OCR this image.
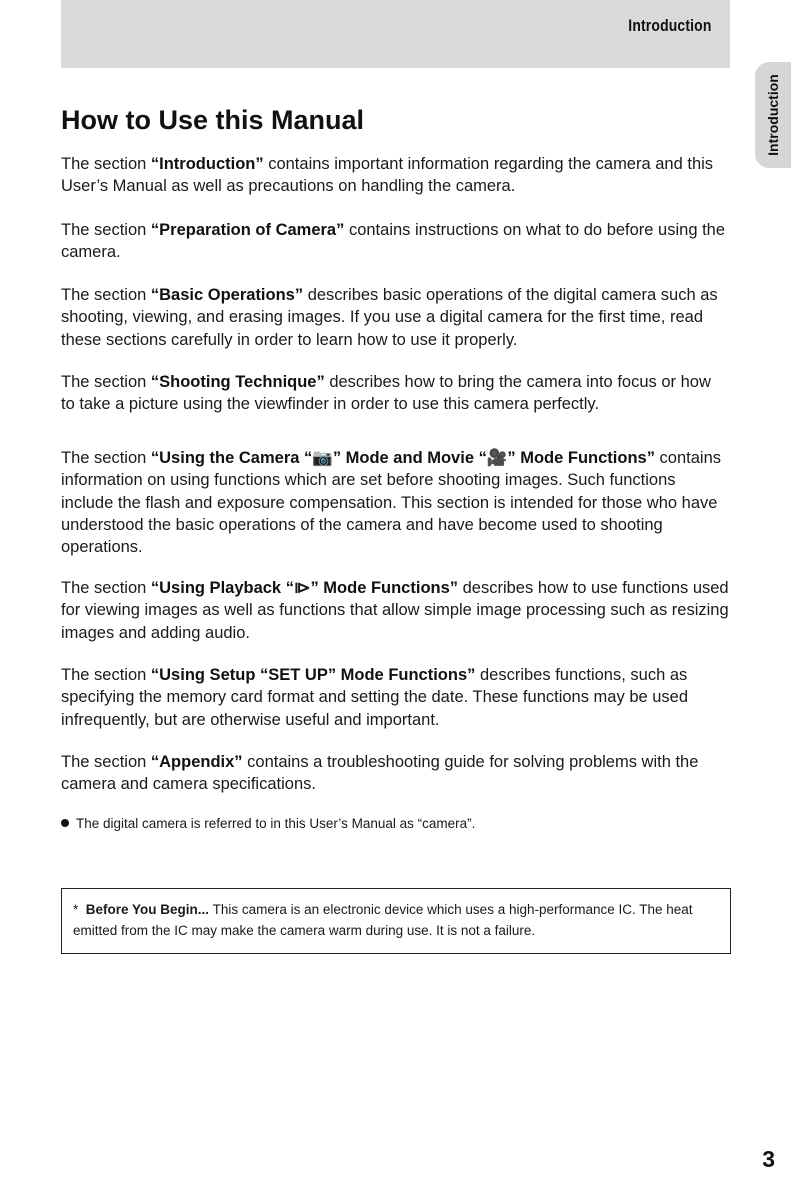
Introduction
Introduction
How to Use this Manual

The section “Introduction” contains important information regarding the camera and this User’s Manual as well as precautions on handling the camera.

The section “Preparation of Camera” contains instructions on what to do before using the camera.

The section “Basic Operations” describes basic operations of the digital camera such as shooting, viewing, and erasing images. If you use a digital camera for the first time, read these sections carefully in order to learn how to use it properly.

The section “Shooting Technique” describes how to bring the camera into focus or how to take a picture using the viewfinder in order to use this camera perfectly.

The section “Using the Camera “📷” Mode and Movie “🎥” Mode Functions” contains information on using functions which are set before shooting images. Such functions include the flash and exposure compensation. This section is intended for those who have understood the basic operations of the camera and have become used to shooting operations.

The section “Using Playback “⧐” Mode Functions” describes how to use functions used for viewing images as well as functions that allow simple image processing such as resizing images and adding audio.

The section “Using Setup “SET UP” Mode Functions” describes functions, such as specifying the memory card format and setting the date. These functions may be used infrequently, but are otherwise useful and important.

The section “Appendix” contains a troubleshooting guide for solving problems with the camera and camera specifications.

The digital camera is referred to in this User’s Manual as “camera”.
* Before You Begin... This camera is an electronic device which uses a high-performance IC. The heat emitted from the IC may make the camera warm during use. It is not a failure.
3
